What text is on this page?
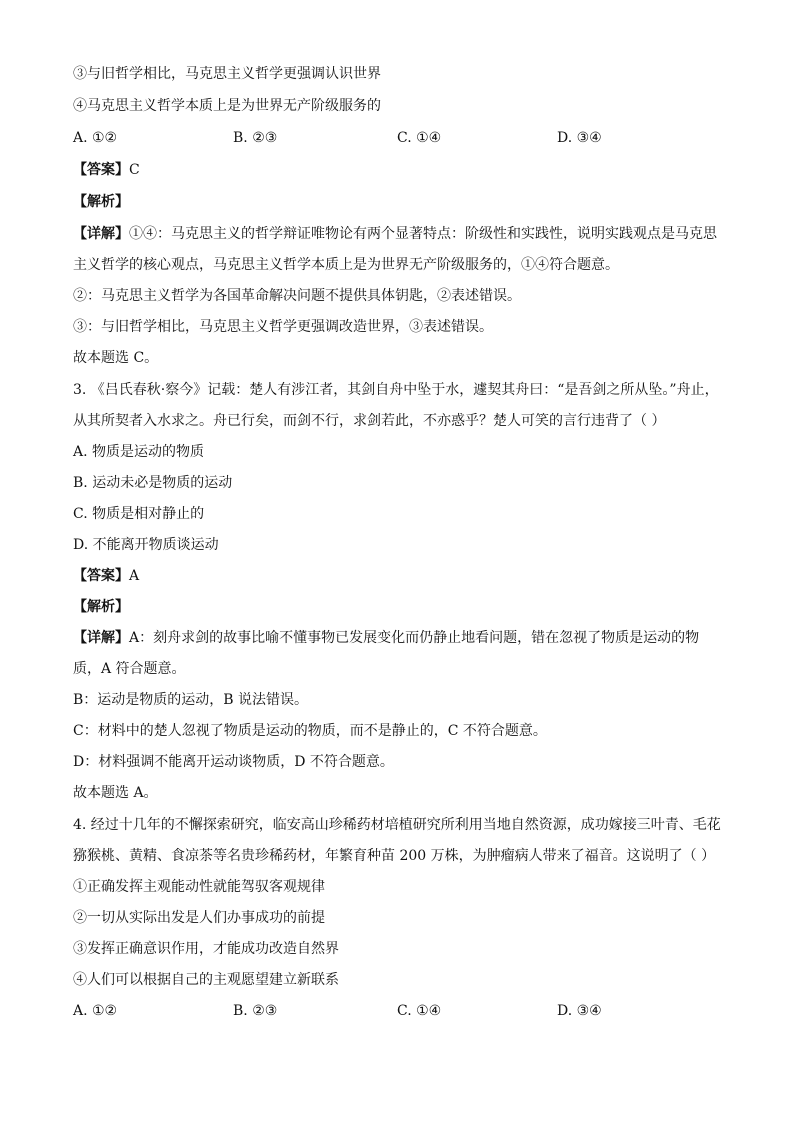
③与旧哲学相比，马克思主义哲学更强调认识世界
④马克思主义哲学本质上是为世界无产阶级服务的
A. ①②	B. ②③	C. ①④	D. ③④
【答案】C
【解析】
【详解】①④：马克思主义的哲学辩证唯物论有两个显著特点：阶级性和实践性，说明实践观点是马克思
主义哲学的核心观点，马克思主义哲学本质上是为世界无产阶级服务的，①④符合题意。
②：马克思主义哲学为各国革命解决问题不提供具体钥匙，②表述错误。
③：与旧哲学相比，马克思主义哲学更强调改造世界，③表述错误。
故本题选 C。
3. 《吕氏春秋·察今》记载：楚人有涉江者，其剑自舟中坠于水，遽契其舟曰：“是吾剑之所从坠。”舟止，
从其所契者入水求之。舟已行矣，而剑不行，求剑若此，不亦惑乎？楚人可笑的言行违背了（ ）
A. 物质是运动的物质
B. 运动未必是物质的运动
C. 物质是相对静止的
D. 不能离开物质谈运动
【答案】A
【解析】
【详解】A：刻舟求剑的故事比喻不懂事物已发展变化而仍静止地看问题，错在忽视了物质是运动的物
质，A 符合题意。
B：运动是物质的运动，B 说法错误。
C：材料中的楚人忽视了物质是运动的物质，而不是静止的，C 不符合题意。
D：材料强调不能离开运动谈物质，D 不符合题意。
故本题选 A。
4. 经过十几年的不懈探索研究，临安高山珍稀药材培植研究所利用当地自然资源，成功嫁接三叶青、毛花
猕猴桃、黄精、食凉茶等名贵珍稀药材，年繁育种苗 200 万株，为肿瘤病人带来了福音。这说明了（ ）
①正确发挥主观能动性就能驾驭客观规律
②一切从实际出发是人们办事成功的前提
③发挥正确意识作用，才能成功改造自然界
④人们可以根据自己的主观愿望建立新联系
A. ①②	B. ②③	C. ①④	D. ③④
